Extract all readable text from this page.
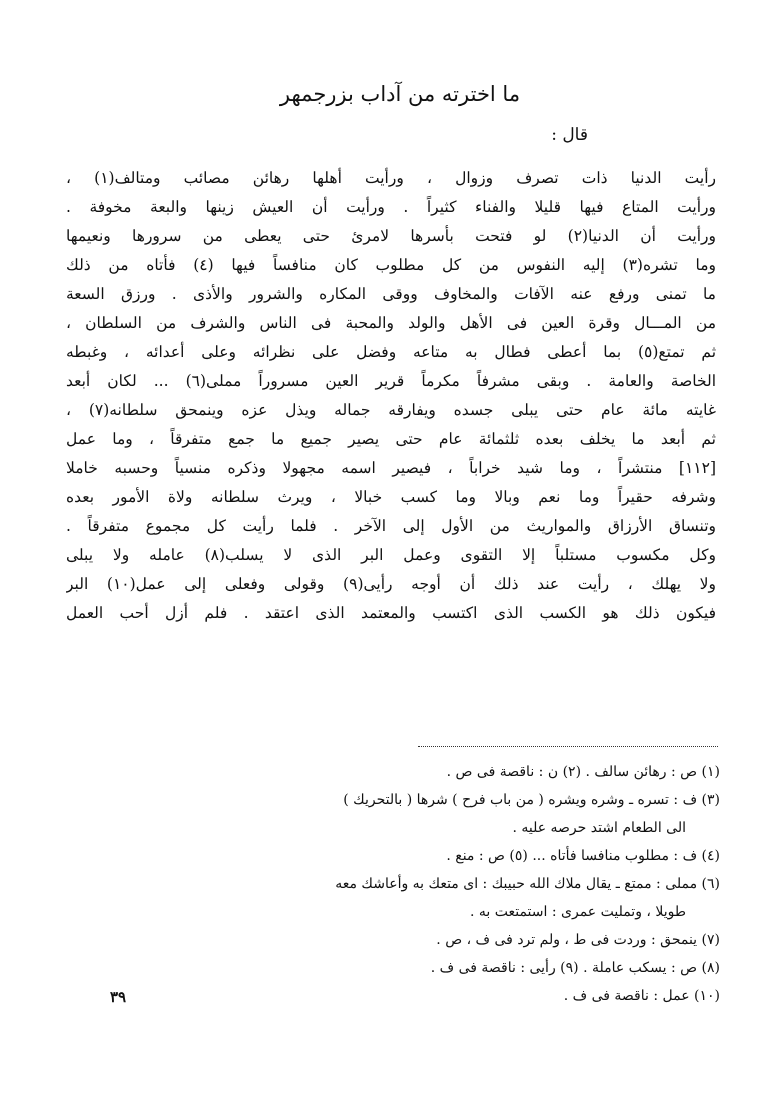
ما اخترته من آداب بزرجمهر
قال :
رأيت الدنيا ذات تصرف وزوال ، ورأيت أهلها رهائن مصائب ومتالف(١) ،
ورأيت المتاع فيها قليلا والفناء كثيراً . ورأيت أن العيش زينها والبعة مخوفة .
ورأيت أن الدنيا(٢) لو فتحت بأسرها لامرئ حتى يعطى من سرورها ونعيمها
وما تشره(٣) إليه النفوس من كل مطلوب كان منافساً فيها (٤) فأتاه من ذلك
ما تمنى ورفع عنه الآفات والمخاوف ووقى المكاره والشرور والأذى . ورزق السعة
من المـــال وقرة العين فى الأهل والولد والمحبة فى الناس والشرف من السلطان ،
ثم تمتع(٥) بما أعطى فطال به متاعه وفضل على نظرائه وعلى أعدائه ، وغبطه
الخاصة والعامة . وبقى مشرفاً مكرماً قرير العين مسروراً مملى(٦) ... لكان أبعد
غايته مائة عام حتى يبلى جسده ويفارقه جماله ويذل عزه وينمحق سلطانه(٧) ،
ثم أبعد ما يخلف بعده ثلثمائة عام حتى يصير جميع ما جمع متفرقاً ، وما عمل
[١١٢] منتشراً ، وما شيد خراباً ، فيصير اسمه مجهولا وذكره منسياً وحسبه خاملا
وشرفه حقيراً وما نعم وبالا وما كسب خبالا ، ويرث سلطانه ولاة الأمور بعده
وتنساق الأرزاق والمواريث من الأول إلى الآخر . فلما رأيت كل مجموع متفرقاً .
وكل مكسوب مستلباً إلا التقوى وعمل البر الذى لا يسلب(٨) عامله ولا يبلى
ولا يهلك ، رأيت عند ذلك أن أوجه رأيى(٩) وقولى وفعلى إلى عمل(١٠) البر
فيكون ذلك هو الكسب الذى اكتسب والمعتمد الذى اعتقد . فلم أزل أحب العمل
(١) ص : رهائن سالف . (٢) ن : ناقصة فى ص .
(٣) ف : تسره ـ وشره ويشره ( من باب فرح ) شرها ( بالتحريك )
الى الطعام اشتد حرصه عليه .
(٤) ف : مطلوب منافسا فأتاه ... (٥) ص : منع .
(٦) مملى : ممتع ـ يقال ملاك الله حبيبك : اى متعك به وأعاشك معه
طويلا ، وتمليت عمرى : استمتعت به .
(٧) ينمحق : وردت فى ط ، ولم ترد فى ف ، ص .
(٨) ص : يسكب عاملة . (٩) رأيى : ناقصة فى ف .
(١٠) عمل : ناقصة فى ف .
٣٩
